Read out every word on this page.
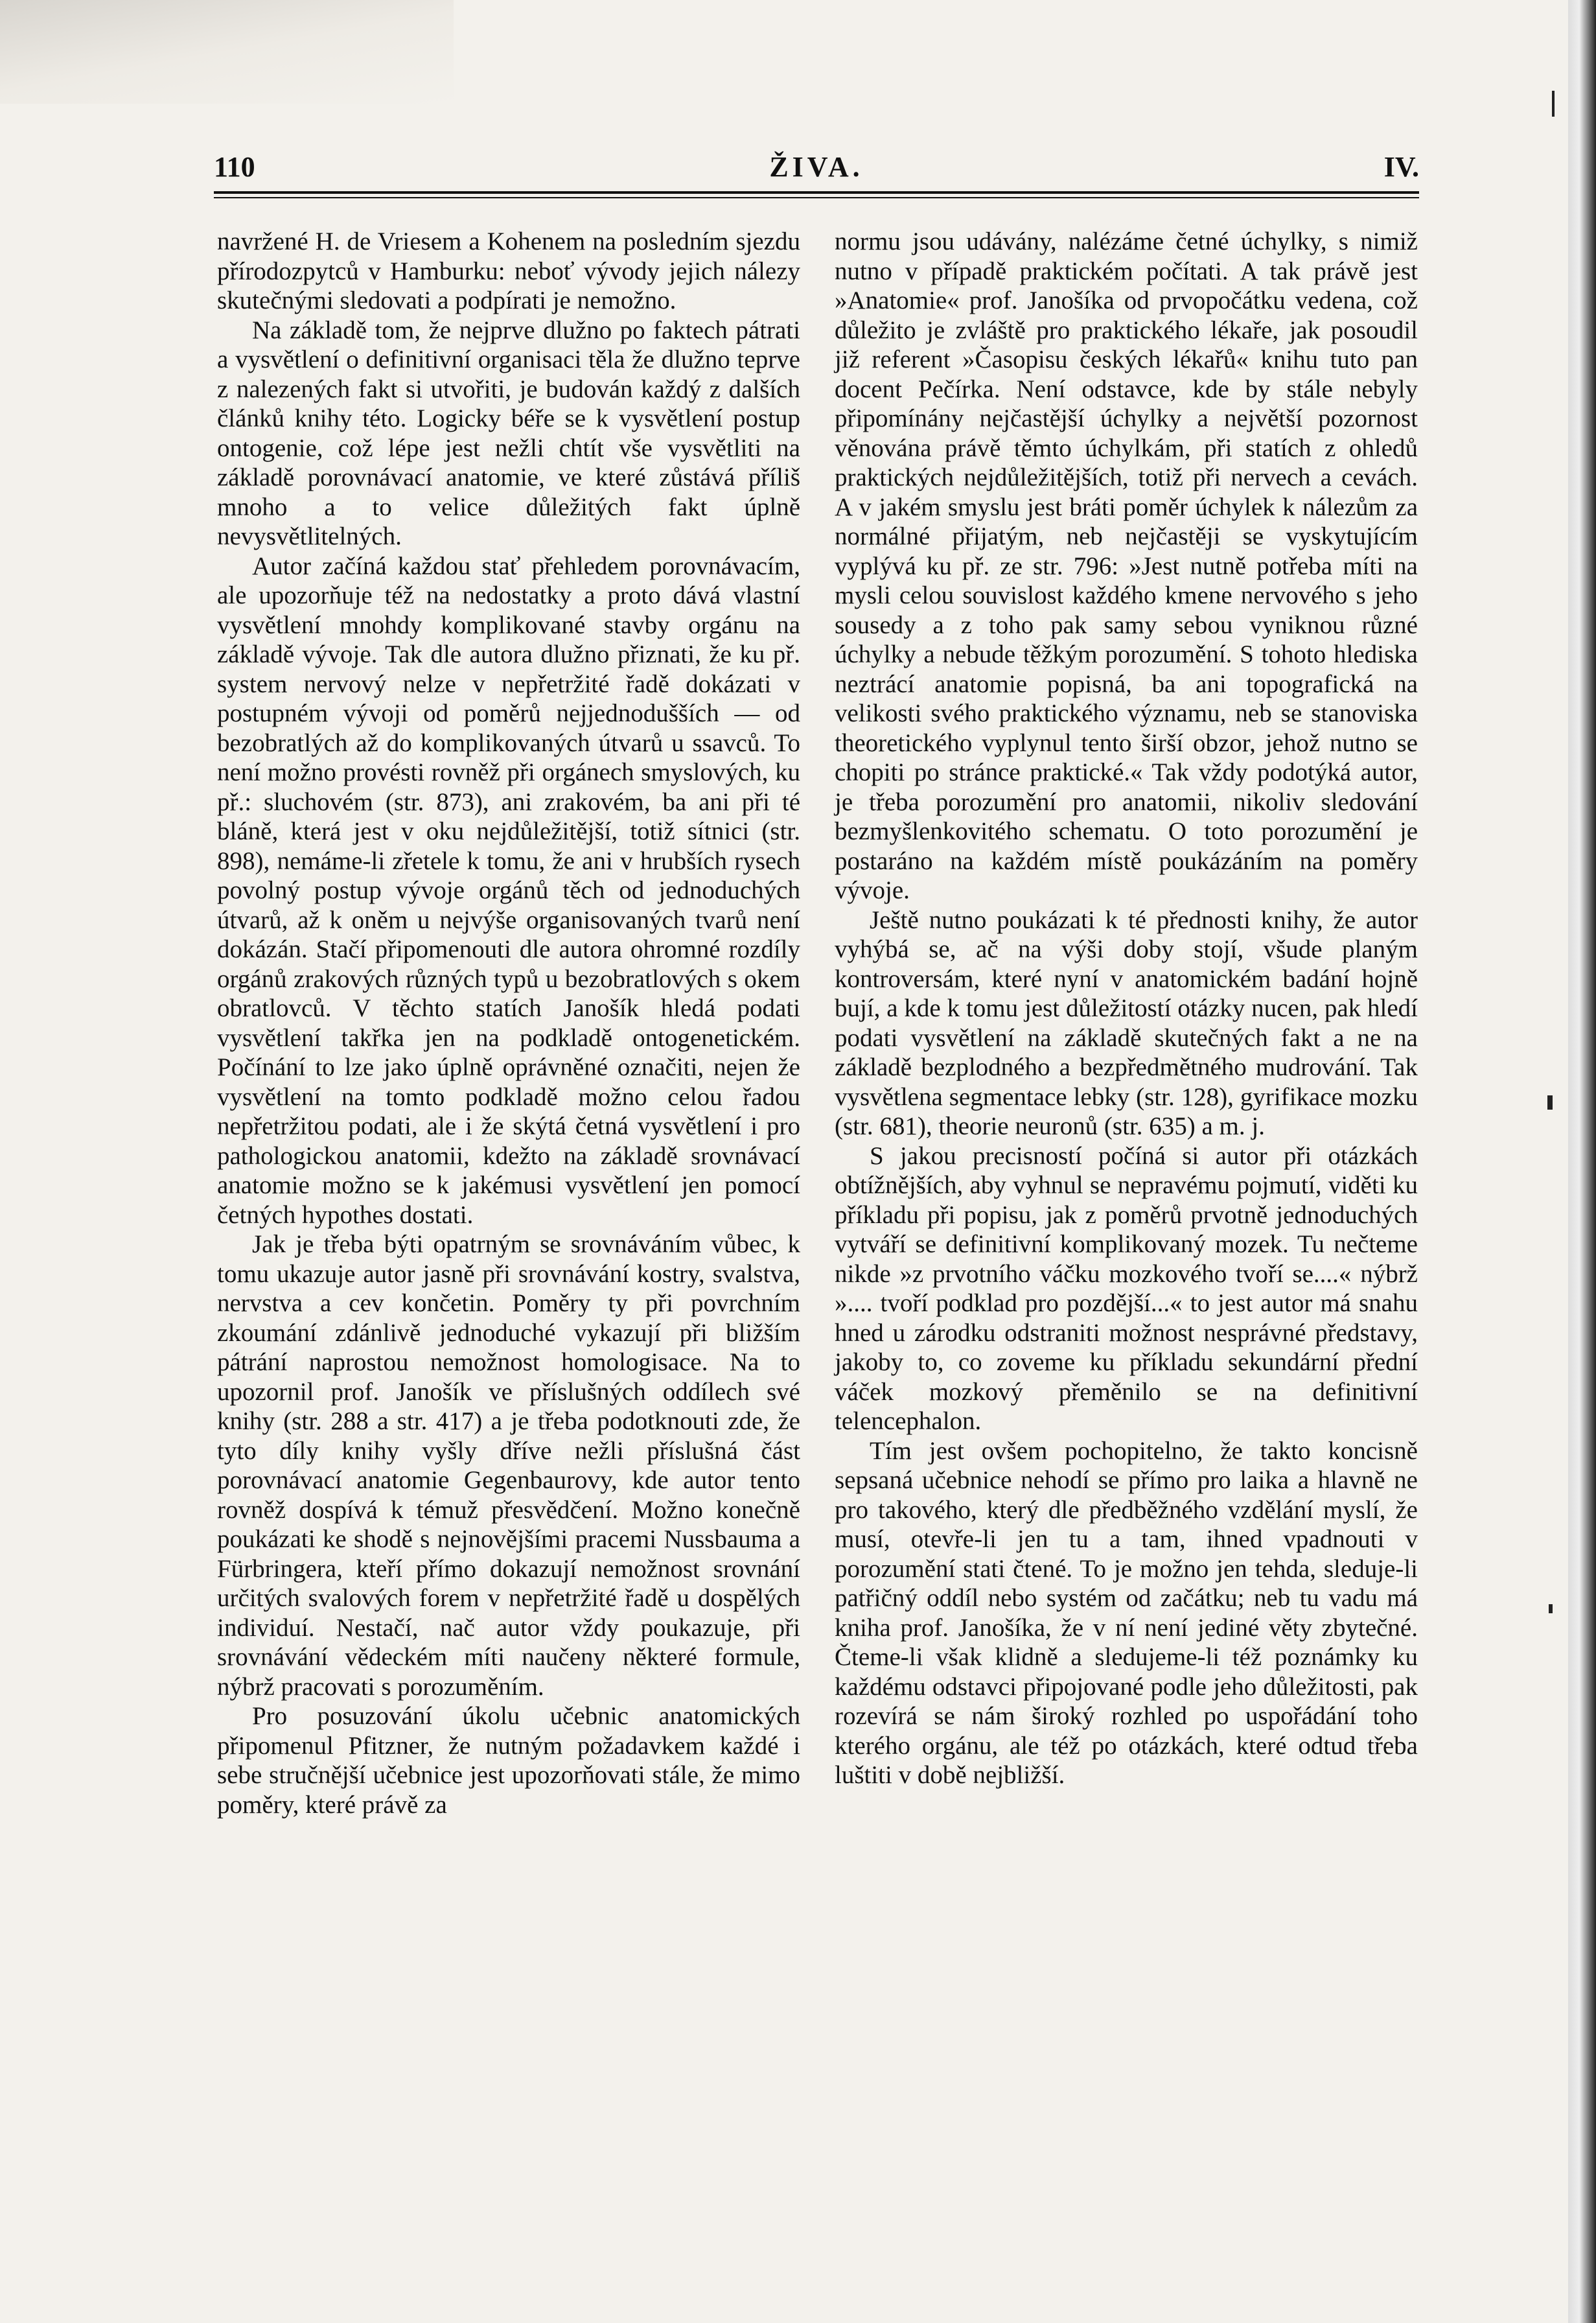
110	ŽIVA.	IV.

navržené H. de Vriesem a Kohenem na posledním sjezdu přírodozpytců v Hamburku: neboť vývody jejich nálezy skutečnými sledovati a podpírati je nemožno.

Na základě tom, že nejprve dlužno po faktech pátrati a vysvětlení o definitivní organisaci těla že dlužno teprve z nalezených fakt si utvořiti, je budován každý z dalších článků knihy této. Logicky béře se k vysvětlení postup ontogenie, což lépe jest nežli chtít vše vysvětliti na základě porovnávací anatomie, ve které zůstává příliš mnoho a to velice důležitých fakt úplně nevysvětlitelných.

Autor začíná každou stať přehledem porovnávacím, ale upozorňuje též na nedostatky a proto dává vlastní vysvětlení mnohdy komplikované stavby orgánu na základě vývoje. Tak dle autora dlužno přiznati, že ku př. system nervový nelze v nepřetržité řadě dokázati v postupném vývoji od poměrů nejjednodušších — od bezobratlých až do komplikovaných útvarů u ssavců. To není možno provésti rovněž při orgánech smyslových, ku př.: sluchovém (str. 873), ani zrakovém, ba ani při té bláně, která jest v oku nejdůležitější, totiž sítnici (str. 898), nemáme-li zřetele k tomu, že ani v hrubších rysech povolný postup vývoje orgánů těch od jednoduchých útvarů, až k oněm u nejvýše organisovaných tvarů není dokázán. Stačí připomenouti dle autora ohromné rozdíly orgánů zrakových různých typů u bezobratlových s okem obratlovců. V těchto statích Janošík hledá podati vysvětlení takřka jen na podkladě ontogenetickém. Počínání to lze jako úplně oprávněné označiti, nejen že vysvětlení na tomto podkladě možno celou řadou nepřetržitou podati, ale i že skýtá četná vysvětlení i pro pathologickou anatomii, kdežto na základě srovnávací anatomie možno se k jakémusi vysvětlení jen pomocí četných hypothes dostati.

Jak je třeba býti opatrným se srovnáváním vůbec, k tomu ukazuje autor jasně při srovnávání kostry, svalstva, nervstva a cev končetin. Poměry ty při povrchním zkoumání zdánlivě jednoduché vykazují při bližším pátrání naprostou nemožnost homologisace. Na to upozornil prof. Janošík ve příslušných oddílech své knihy (str. 288 a str. 417) a je třeba podotknouti zde, že tyto díly knihy vyšly dříve nežli příslušná část porovnávací anatomie Gegenbaurovy, kde autor tento rovněž dospívá k témuž přesvědčení. Možno konečně poukázati ke shodě s nejnovějšími pracemi Nussbauma a Fürbringera, kteří přímo dokazují nemožnost srovnání určitých svalových forem v nepřetržité řadě u dospělých individuí. Nestačí, nač autor vždy poukazuje, při srovnávání vědeckém míti naučeny některé formule, nýbrž pracovati s porozuměním.

Pro posuzování úkolu učebnic anatomických připomenul Pfitzner, že nutným požadavkem každé i sebe stručnější učebnice jest upozorňovati stále, že mimo poměry, které právě za

normu jsou udávány, nalézáme četné úchylky, s nimiž nutno v případě praktickém počítati. A tak právě jest »Anatomie« prof. Janošíka od prvopočátku vedena, což důležito je zvláště pro praktického lékaře, jak posoudil již referent »Časopisu českých lékařů« knihu tuto pan docent Pečírka. Není odstavce, kde by stále nebyly připomínány nejčastější úchylky a největší pozornost věnována právě těmto úchylkám, při statích z ohledů praktických nejdůležitějších, totiž při nervech a cevách. A v jakém smyslu jest bráti poměr úchylek k nálezům za normálné přijatým, neb nejčastěji se vyskytujícím vyplývá ku př. ze str. 796: »Jest nutně potřeba míti na mysli celou souvislost každého kmene nervového s jeho sousedy a z toho pak samy sebou vyniknou různé úchylky a nebude těžkým porozumění. S tohoto hlediska neztrácí anatomie popisná, ba ani topografická na velikosti svého praktického významu, neb se stanoviska theoretického vyplynul tento širší obzor, jehož nutno se chopiti po stránce praktické.« Tak vždy podotýká autor, je třeba porozumění pro anatomii, nikoliv sledování bezmyšlenkovitého schematu. O toto porozumění je postaráno na každém místě poukázáním na poměry vývoje.

Ještě nutno poukázati k té přednosti knihy, že autor vyhýbá se, ač na výši doby stojí, všude planým kontroversám, které nyní v anatomickém badání hojně bují, a kde k tomu jest důležitostí otázky nucen, pak hledí podati vysvětlení na základě skutečných fakt a ne na základě bezplodného a bezpředmětného mudrování. Tak vysvětlena segmentace lebky (str. 128), gyrifikace mozku (str. 681), theorie neuronů (str. 635) a m. j.

S jakou precisností počíná si autor při otázkách obtížnějších, aby vyhnul se nepravému pojmutí, viděti ku příkladu při popisu, jak z poměrů prvotně jednoduchých vytváří se definitivní komplikovaný mozek. Tu nečteme nikde »z prvotního váčku mozkového tvoří se....« nýbrž ».... tvoří podklad pro pozdější...« to jest autor má snahu hned u zárodku odstraniti možnost nesprávné představy, jakoby to, co zoveme ku příkladu sekundární přední váček mozkový přeměnilo se na definitivní telencephalon.

Tím jest ovšem pochopitelno, že takto koncisně sepsaná učebnice nehodí se přímo pro laika a hlavně ne pro takového, který dle předběžného vzdělání myslí, že musí, otevře-li jen tu a tam, ihned vpadnouti v porozumění stati čtené. To je možno jen tehda, sleduje-li patřičný oddíl nebo systém od začátku; neb tu vadu má kniha prof. Janošíka, že v ní není jediné věty zbytečné. Čteme-li však klidně a sledujeme-li též poznámky ku každému odstavci připojované podle jeho důležitosti, pak rozevírá se nám široký rozhled po uspořádání toho kterého orgánu, ale též po otázkách, které odtud třeba luštiti v době nejbližší.
